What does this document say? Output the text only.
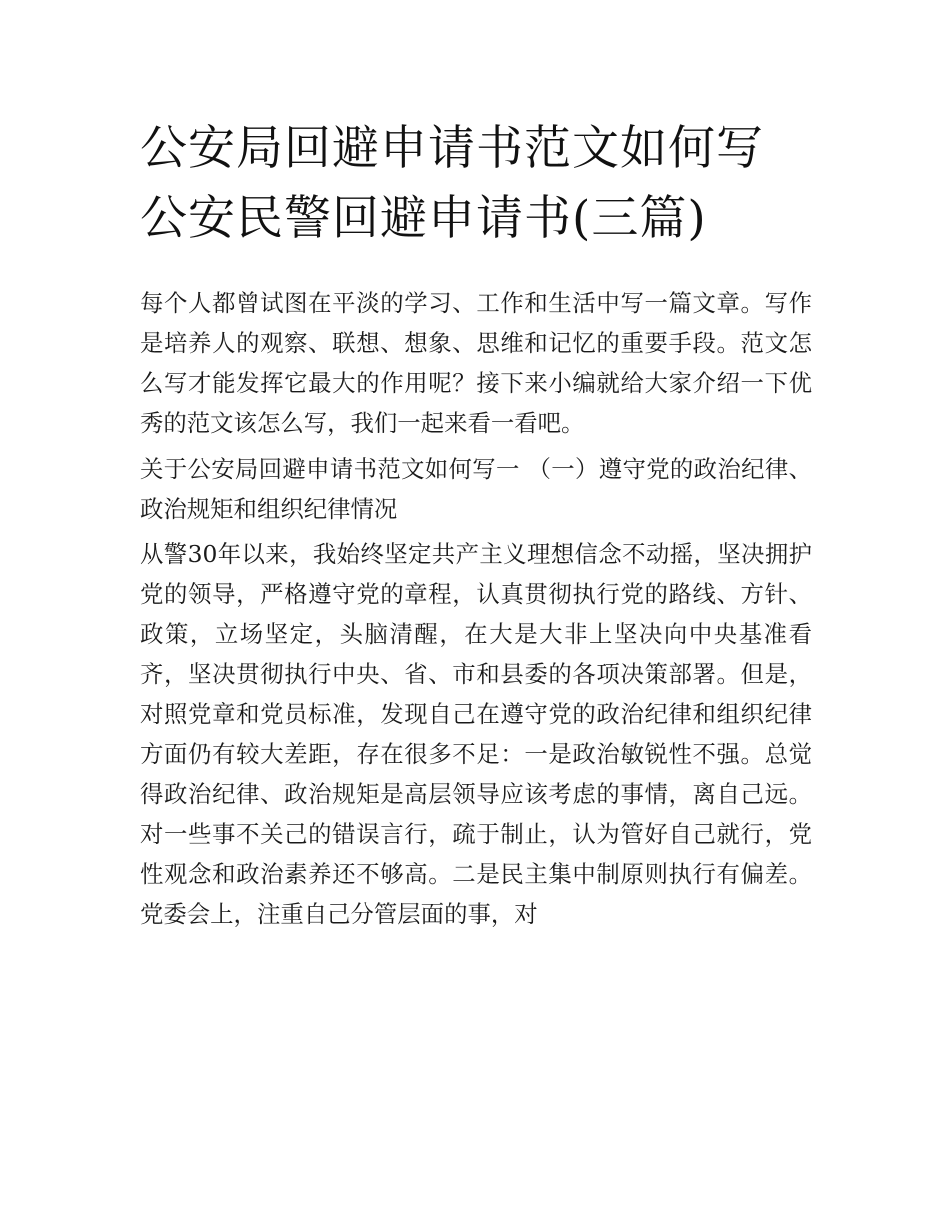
公安局回避申请书范文如何写
公安民警回避申请书(三篇)

每个人都曾试图在平淡的学习、工作和生活中写一篇文章。写作是培养人的观察、联想、想象、思维和记忆的重要手段。范文怎么写才能发挥它最大的作用呢？接下来小编就给大家介绍一下优秀的范文该怎么写，我们一起来看一看吧。

关于公安局回避申请书范文如何写一 （一）遵守党的政治纪律、政治规矩和组织纪律情况

从警30年以来，我始终坚定共产主义理想信念不动摇，坚决拥护党的领导，严格遵守党的章程，认真贯彻执行党的路线、方针、政策，立场坚定，头脑清醒，在大是大非上坚决向中央基准看齐，坚决贯彻执行中央、省、市和县委的各项决策部署。但是，对照党章和党员标准，发现自己在遵守党的政治纪律和组织纪律方面仍有较大差距，存在很多不足：一是政治敏锐性不强。总觉得政治纪律、政治规矩是高层领导应该考虑的事情，离自己远。对一些事不关己的错误言行，疏于制止，认为管好自己就行，党性观念和政治素养还不够高。二是民主集中制原则执行有偏差。党委会上，注重自己分管层面的事，对
